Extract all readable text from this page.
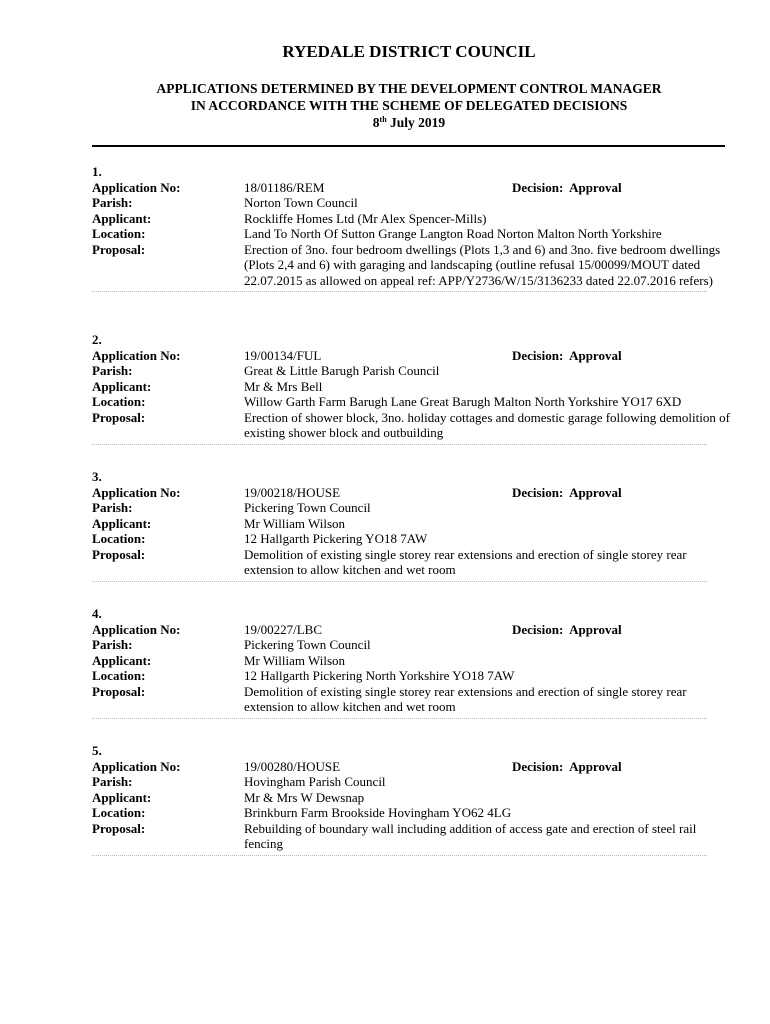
RYEDALE DISTRICT COUNCIL
APPLICATIONS DETERMINED BY THE DEVELOPMENT CONTROL MANAGER
IN ACCORDANCE WITH THE SCHEME OF DELEGATED DECISIONS
8th July 2019
1.
Application No:	18/01186/REM	Decision: Approval
Parish:	Norton Town Council
Applicant:	Rockliffe Homes Ltd (Mr Alex Spencer-Mills)
Location:	Land To North Of Sutton Grange Langton Road Norton Malton North Yorkshire
Proposal:	Erection of 3no. four bedroom dwellings (Plots 1,3 and 6) and 3no. five bedroom dwellings (Plots 2,4 and 6) with garaging and landscaping (outline refusal 15/00099/MOUT dated 22.07.2015 as allowed on appeal ref: APP/Y2736/W/15/3136233 dated 22.07.2016 refers)
2.
Application No:	19/00134/FUL	Decision: Approval
Parish:	Great & Little Barugh Parish Council
Applicant:	Mr & Mrs Bell
Location:	Willow Garth Farm Barugh Lane Great Barugh Malton North Yorkshire YO17 6XD
Proposal:	Erection of shower block, 3no. holiday cottages and domestic garage following demolition of existing shower block and outbuilding
3.
Application No:	19/00218/HOUSE	Decision: Approval
Parish:	Pickering Town Council
Applicant:	Mr William Wilson
Location:	12 Hallgarth Pickering YO18 7AW
Proposal:	Demolition of existing single storey rear extensions and erection of single storey rear extension to allow kitchen and wet room
4.
Application No:	19/00227/LBC	Decision: Approval
Parish:	Pickering Town Council
Applicant:	Mr William Wilson
Location:	12 Hallgarth Pickering North Yorkshire YO18 7AW
Proposal:	Demolition of existing single storey rear extensions and erection of single storey rear extension to allow kitchen and wet room
5.
Application No:	19/00280/HOUSE	Decision: Approval
Parish:	Hovingham Parish Council
Applicant:	Mr & Mrs W Dewsnap
Location:	Brinkburn Farm Brookside Hovingham YO62 4LG
Proposal:	Rebuilding of boundary wall including addition of access gate and erection of steel rail fencing
